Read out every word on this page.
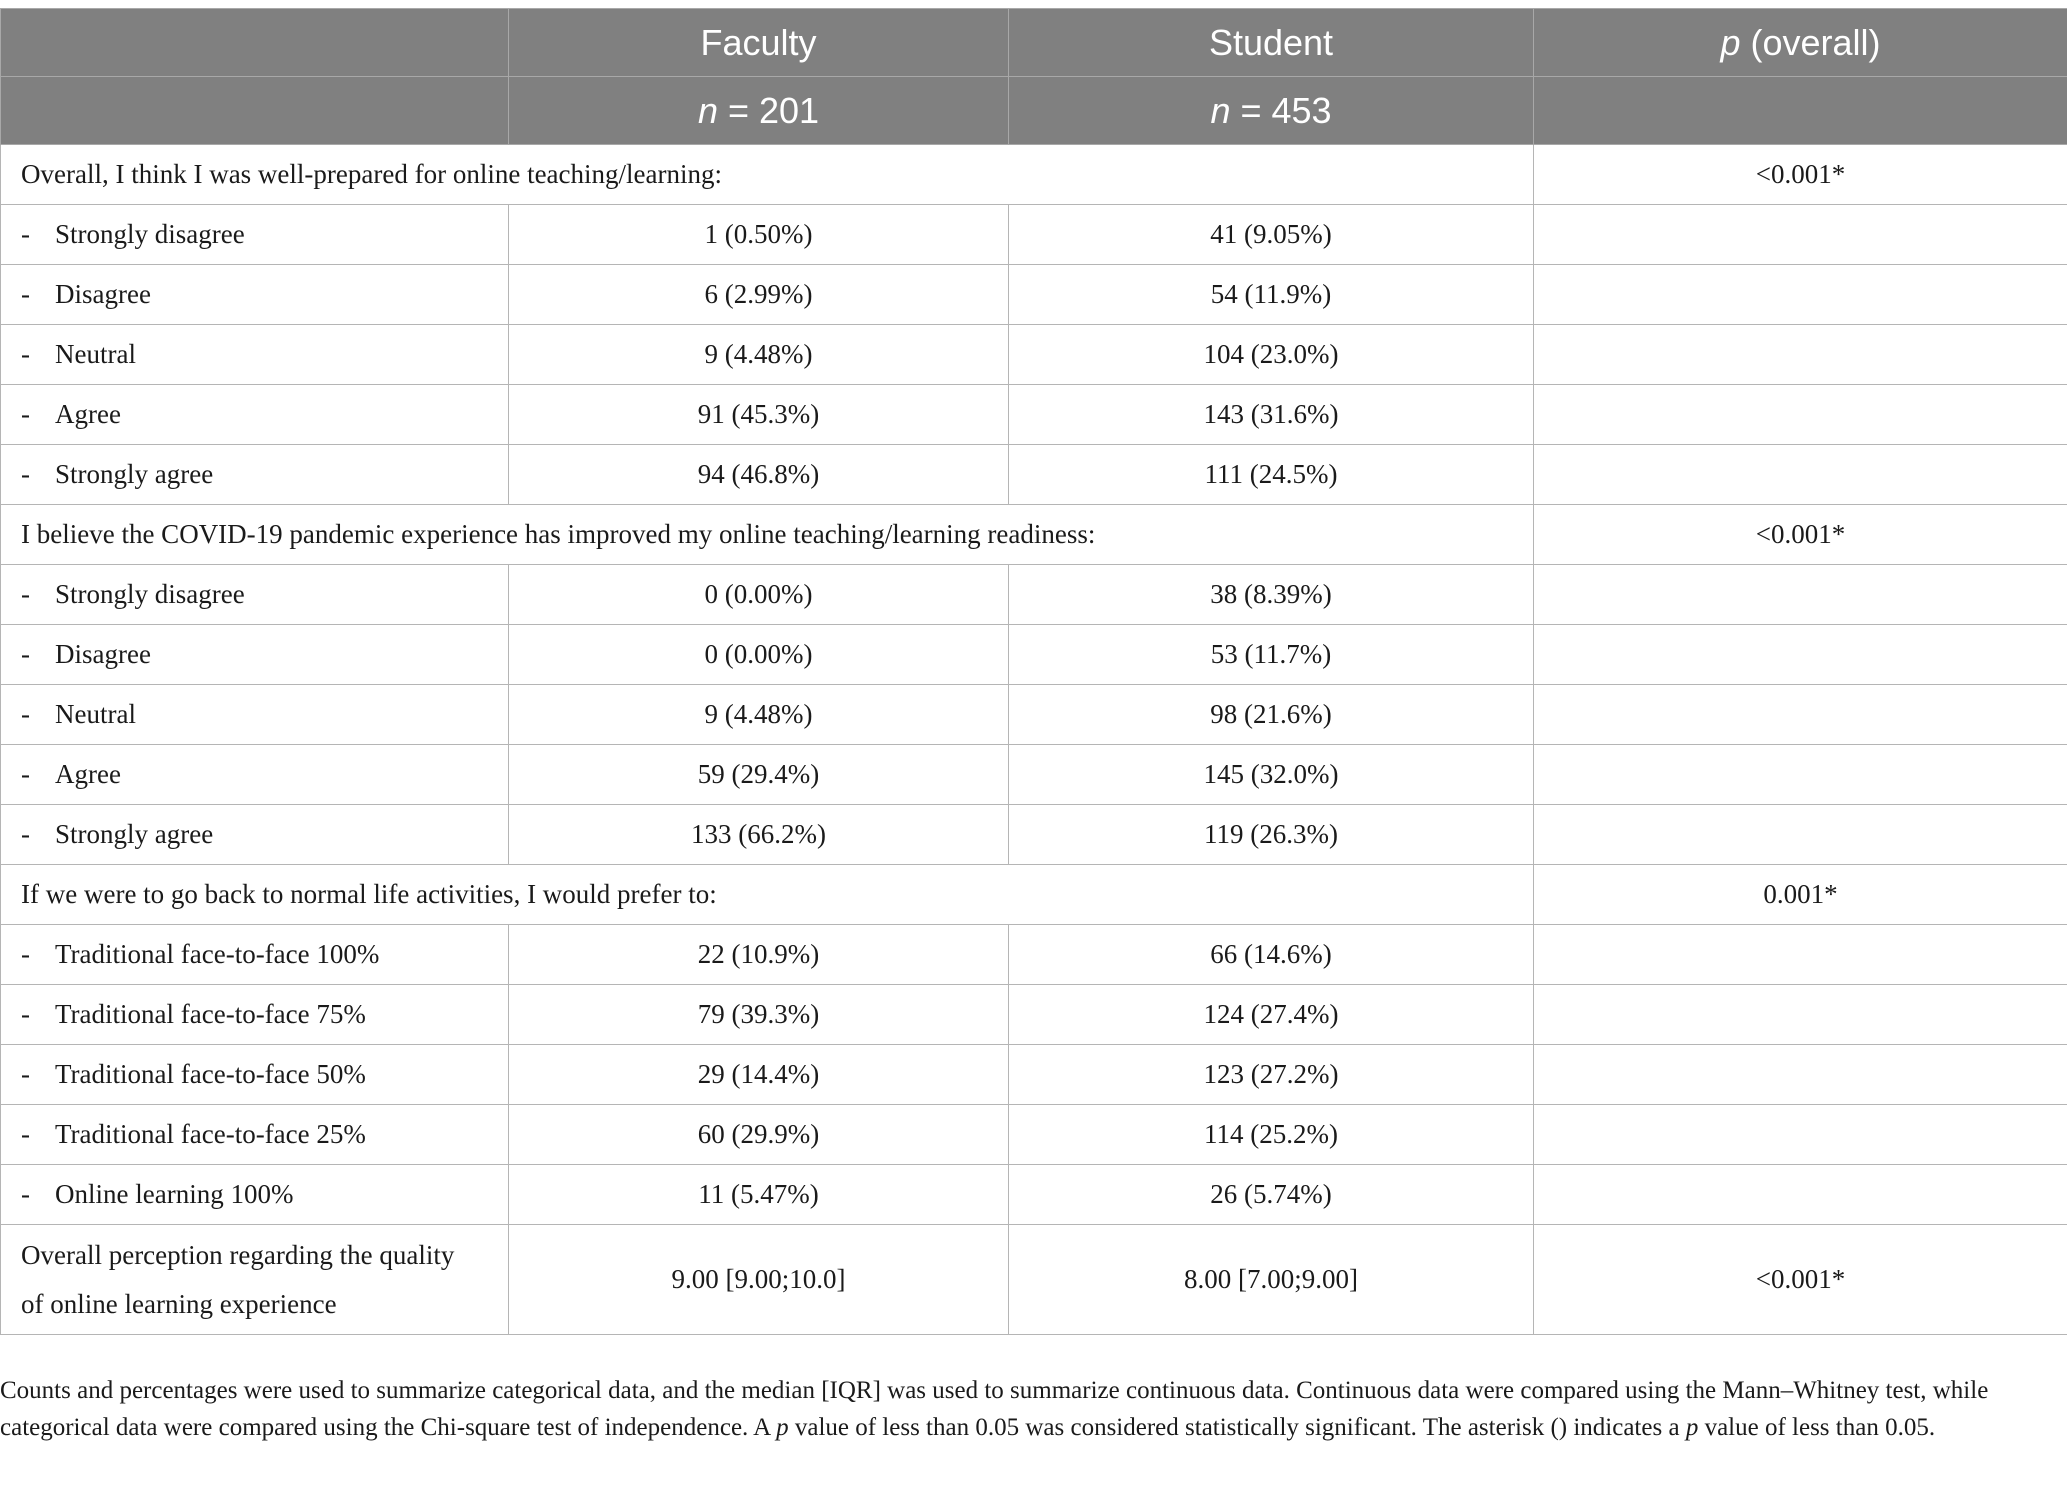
	Faculty	Student	p (overall)
	n = 201	n = 453	
Overall, I think I was well-prepared for online teaching/learning:			<0.001*
- Strongly disagree	1 (0.50%)	41 (9.05%)	
- Disagree	6 (2.99%)	54 (11.9%)	
- Neutral	9 (4.48%)	104 (23.0%)	
- Agree	91 (45.3%)	143 (31.6%)	
- Strongly agree	94 (46.8%)	111 (24.5%)	
I believe the COVID-19 pandemic experience has improved my online teaching/learning readiness:			<0.001*
- Strongly disagree	0 (0.00%)	38 (8.39%)	
- Disagree	0 (0.00%)	53 (11.7%)	
- Neutral	9 (4.48%)	98 (21.6%)	
- Agree	59 (29.4%)	145 (32.0%)	
- Strongly agree	133 (66.2%)	119 (26.3%)	
If we were to go back to normal life activities, I would prefer to:			0.001*
- Traditional face-to-face 100%	22 (10.9%)	66 (14.6%)	
- Traditional face-to-face 75%	79 (39.3%)	124 (27.4%)	
- Traditional face-to-face 50%	29 (14.4%)	123 (27.2%)	
- Traditional face-to-face 25%	60 (29.9%)	114 (25.2%)	
- Online learning 100%	11 (5.47%)	26 (5.74%)	
Overall perception regarding the quality
of online learning experience	9.00 [9.00;10.0]	8.00 [7.00;9.00]	<0.001*
Counts and percentages were used to summarize categorical data, and the median [IQR] was used to summarize continuous data. Continuous data were compared using the Mann–Whitney test, while categorical data were compared using the Chi-square test of independence. A p value of less than 0.05 was considered statistically significant. The asterisk () indicates a p value of less than 0.05.
